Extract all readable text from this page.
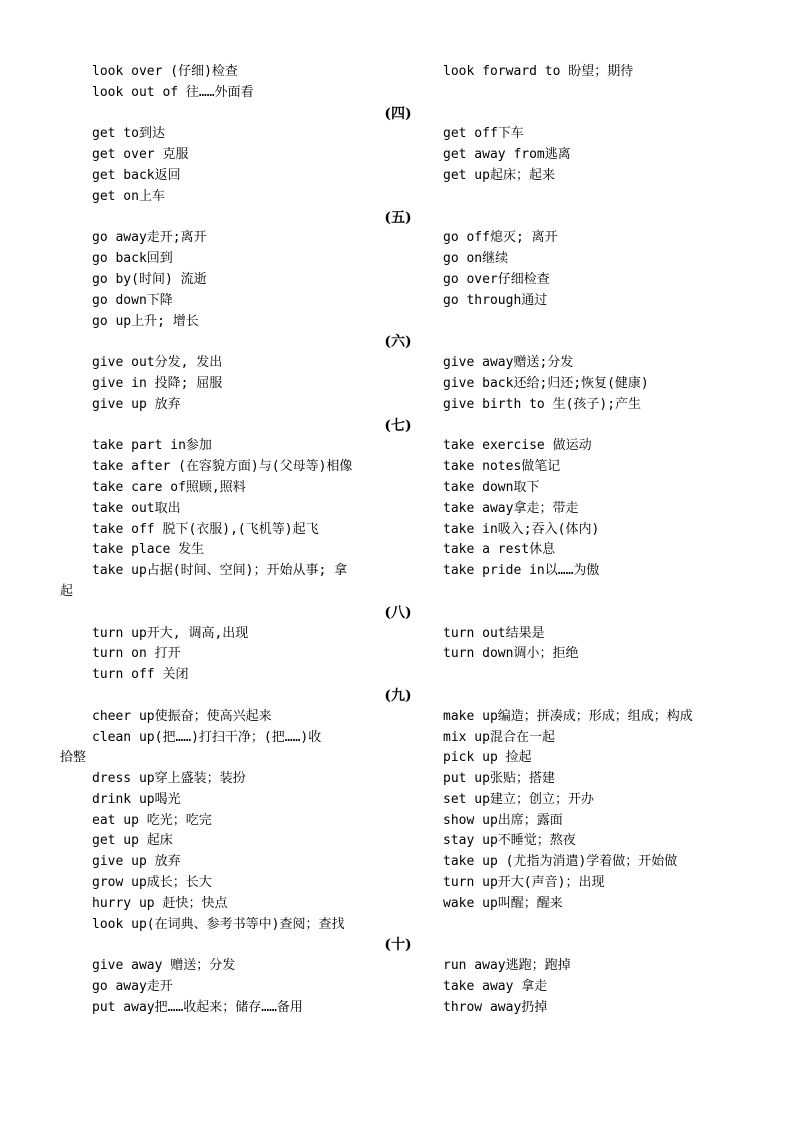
look over (仔细)检查	look forward to 盼望；期待
look out of 往……外面看
(四)
get to到达	get off下车
get over 克服	get away from逃离
get back返回	get up起床；起来
get on上车
(五)
go away走开;离开	go off熄灭; 离开
go back回到	go on继续
go by(时间) 流逝	go over仔细检查
go down下降	go through通过
go up上升; 增长
(六)
give out分发, 发出	give away赠送;分发
give in 投降; 屈服	give back还给;归还;恢复(健康)
give up 放弃	give birth to 生(孩子);产生
(七)
take part in参加	take exercise 做运动
take after (在容貌方面)与(父母等)相像	take notes做笔记
take care of照顾,照料	take down取下
take out取出	take away拿走；带走
take off 脱下(衣服),(飞机等)起飞	take in吸入;吞入(体内)
take place 发生	take a rest休息
take up占据(时间、空间)；开始从事; 拿	take pride in以……为傲
起
(八)
turn up开大, 调高,出现	turn out结果是
turn on 打开	turn down调小；拒绝
turn off 关闭
(九)
cheer up使振奋；使高兴起来	make up编造；拼凑成；形成；组成；构成
clean up(把……)打扫干净；(把……)收	mix up混合在一起
拾整	pick up 捡起
dress up穿上盛装；装扮	put up张贴；搭建
drink up喝光	set up建立；创立；开办
eat up 吃光；吃完	show up出席；露面
get up 起床	stay up不睡觉；熬夜
give up 放弃	take up (尤指为消遣)学着做；开始做
grow up成长；长大	turn up开大(声音)；出现
hurry up 赶快；快点	wake up叫醒；醒来
look up(在词典、参考书等中)查阅；查找
(十)
give away 赠送；分发	run away逃跑；跑掉
go away走开	take away 拿走
put away把……收起来；储存……备用	throw away扔掉
